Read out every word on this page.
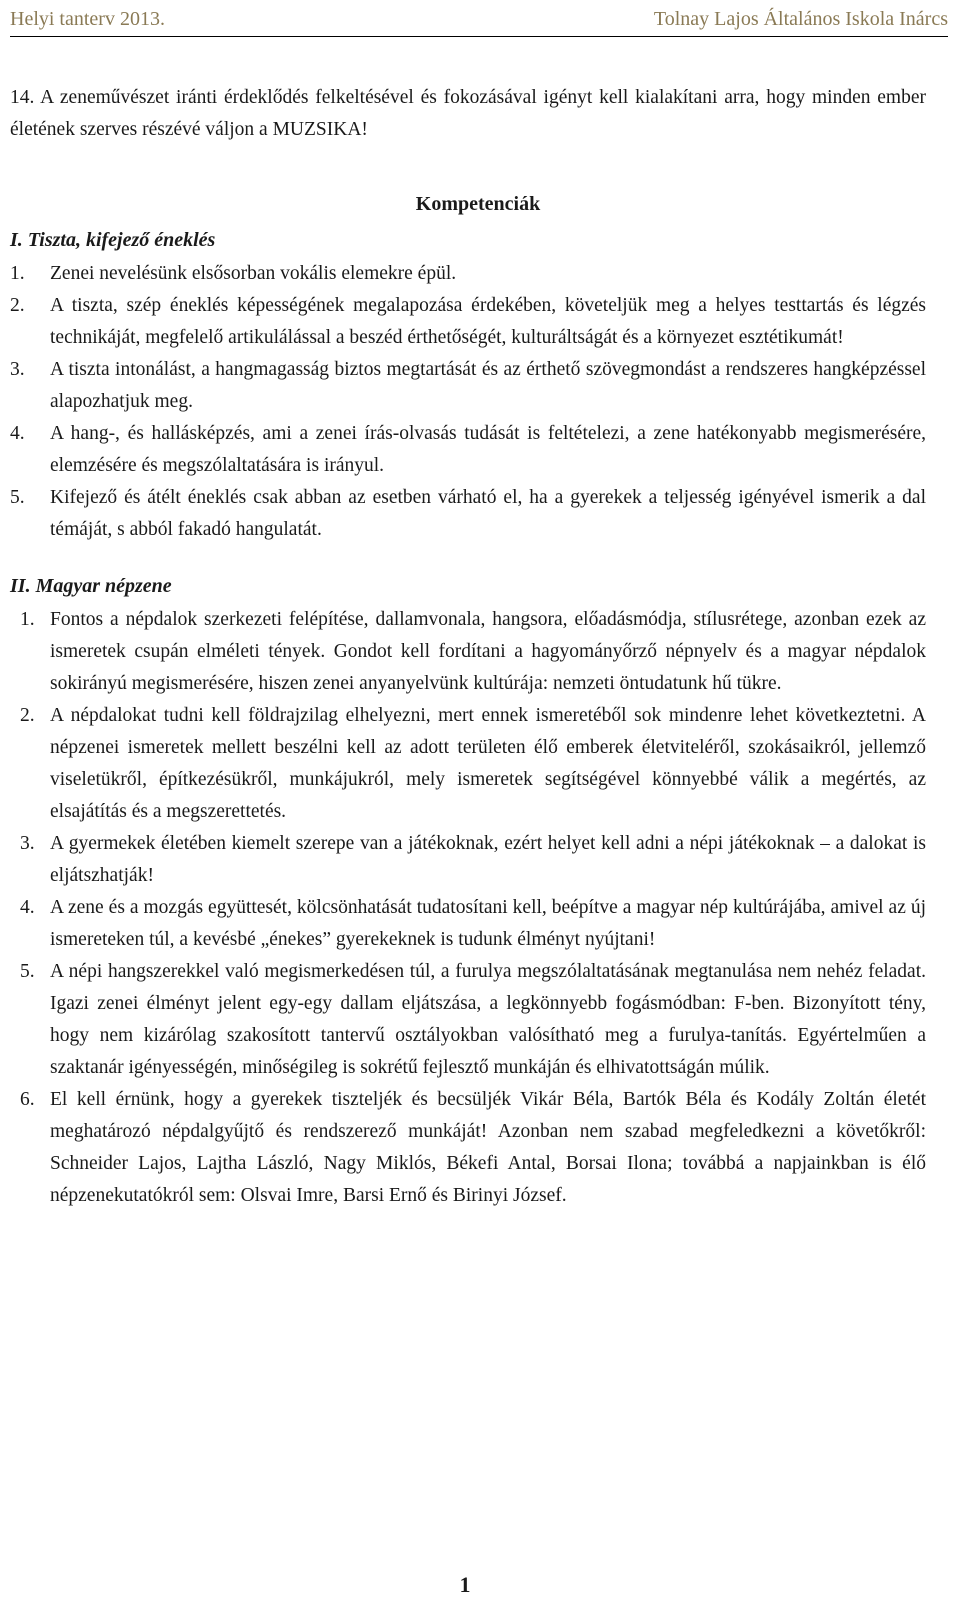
Helyi tanterv 2013.	Tolnay Lajos Általános Iskola Inárcs

14. A zeneművészet iránti érdeklődés felkeltésével és fokozásával igényt kell kialakítani arra, hogy minden ember életének szerves részévé váljon a MUZSIKA!

Kompetenciák
I. Tiszta, kifejező éneklés
1. Zenei nevelésünk elsősorban vokális elemekre épül.
2. A tiszta, szép éneklés képességének megalapozása érdekében, követeljük meg a helyes testtartás és légzés technikáját, megfelelő artikulálással a beszéd érthetőségét, kulturáltságát és a környezet esztétikumát!
3. A tiszta intonálást, a hangmagasság biztos megtartását és az érthető szövegmondást a rendszeres hangképzéssel alapozhatjuk meg.
4. A hang-, és hallásképzés, ami a zenei írás-olvasás tudását is feltételezi, a zene hatékonyabb megismerésére, elemzésére és megszólaltatására is irányul.
5. Kifejező és átélt éneklés csak abban az esetben várható el, ha a gyerekek a teljesség igényével ismerik a dal témáját, s abból fakadó hangulatát.
II. Magyar népzene
1. Fontos a népdalok szerkezeti felépítése, dallamvonala, hangsora, előadásmódja, stílusrétege, azonban ezek az ismeretek csupán elméleti tények. Gondot kell fordítani a hagyományőrző népnyelv és a magyar népdalok sokirányú megismerésére, hiszen zenei anyanyelvünk kultúrája: nemzeti öntudatunk hű tükre.
2. A népdalokat tudni kell földrajzilag elhelyezni, mert ennek ismeretéből sok mindenre lehet következtetni. A népzenei ismeretek mellett beszélni kell az adott területen élő emberek életviteléről, szokásaikról, jellemző viseletükről, építkezésükről, munkájukról, mely ismeretek segítségével könnyebbé válik a megértés, az elsajátítás és a megszerettetés.
3. A gyermekek életében kiemelt szerepe van a játékoknak, ezért helyet kell adni a népi játékoknak – a dalokat is eljátszhatják!
4. A zene és a mozgás együttesét, kölcsönhatását tudatosítani kell, beépítve a magyar nép kultúrájába, amivel az új ismereteken túl, a kevésbé „énekes” gyerekeknek is tudunk élményt nyújtani!
5. A népi hangszerekkel való megismerkedésen túl, a furulya megszólaltatásának megtanulása nem nehéz feladat. Igazi zenei élményt jelent egy-egy dallam eljátszása, a legkönnyebb fogásmódban: F-ben. Bizonyított tény, hogy nem kizárólag szakosított tantervű osztályokban valósítható meg a furulya-tanítás. Egyértelműen a szaktanár igényességén, minőségileg is sokrétű fejlesztő munkáján és elhivatottságán múlik.
6. El kell érnünk, hogy a gyerekek tiszteljék és becsüljék Vikár Béla, Bartók Béla és Kodály Zoltán életét meghatározó népdalgyűjtő és rendszerező munkáját! Azonban nem szabad megfeledkezni a követőkről: Schneider Lajos, Lajtha László, Nagy Miklós, Békefi Antal, Borsai Ilona; továbbá a napjainkban is élő népzenekutatókról sem: Olsvai Imre, Barsi Ernő és Birinyi József.
1
